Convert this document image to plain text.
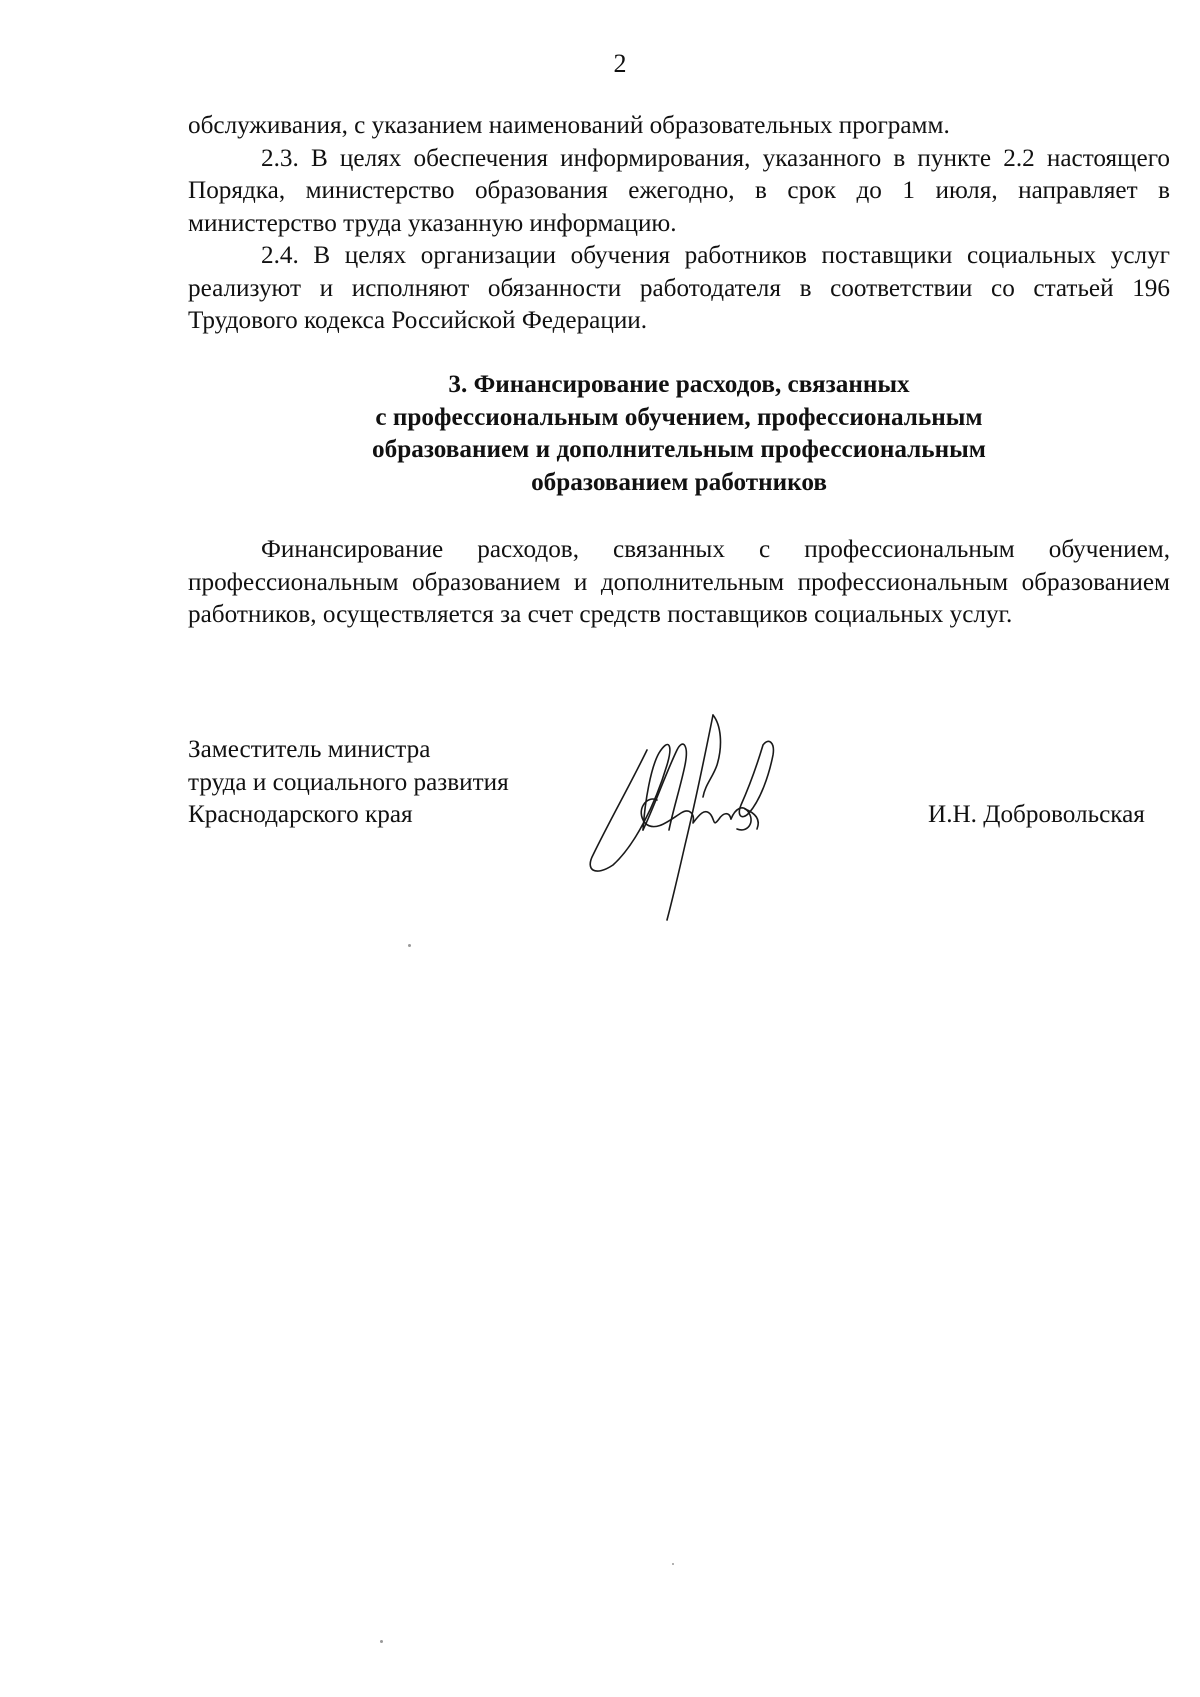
2

обслуживания, с указанием наименований образовательных программ.

2.3. В целях обеспечения информирования, указанного в пункте 2.2 настоящего Порядка, министерство образования ежегодно, в срок до 1 июля, направляет в министерство труда указанную информацию.

2.4. В целях организации обучения работников поставщики социальных услуг реализуют и исполняют обязанности работодателя в соответствии со статьей 196 Трудового кодекса Российской Федерации.

3. Финансирование расходов, связанных
с профессиональным обучением, профессиональным
образованием и дополнительным профессиональным
образованием работников

Финансирование расходов, связанных с профессиональным обучением, профессиональным образованием и дополнительным профессиональным образованием работников, осуществляется за счет средств поставщиков социальных услуг.

Заместитель министра
труда и социального развития
Краснодарского края	И.Н. Добровольская
